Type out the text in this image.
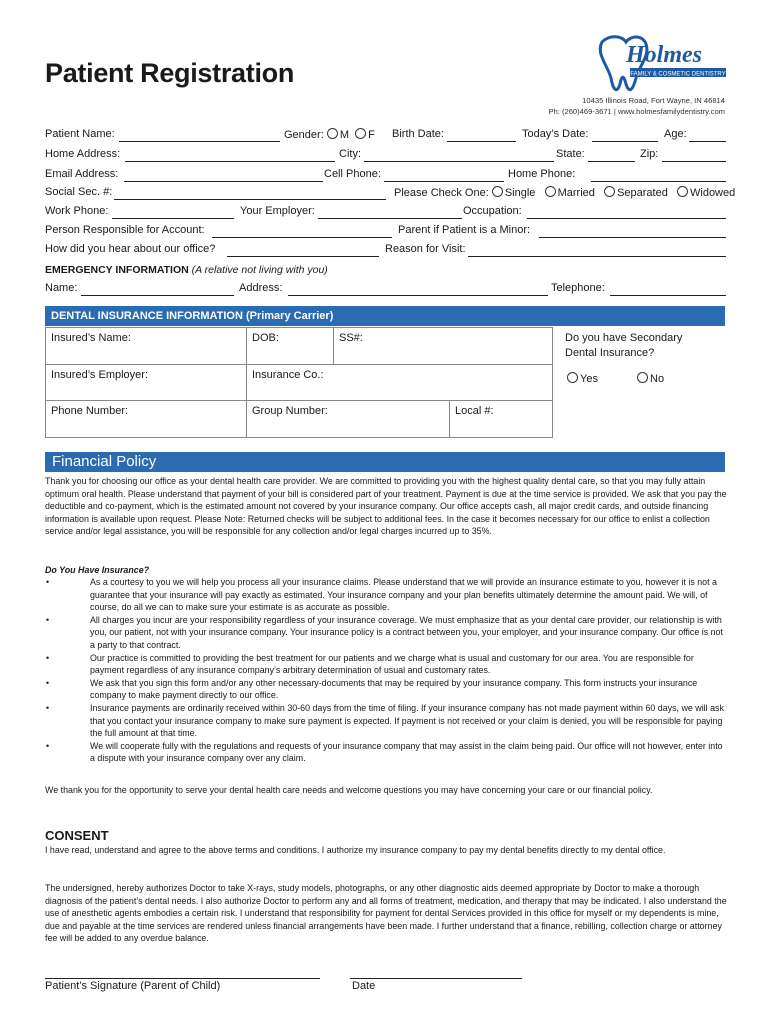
Patient Registration
Holmes
FAMILY & COSMETIC DENTISTRY
10435 Illinois Road, Fort Wayne, IN 46814
Ph: (260)469-3671 | www.holmesfamilydentistry.com
Patient Name:	Gender: M F Birth Date:	Today’s Date:	Age:
Home Address:	City:	State:	Zip:
Email Address:	Cell Phone:	Home Phone:
Social Sec. #:	Please Check One: Single Married Separated Widowed
Work Phone:	Your Employer:	Occupation:
Person Responsible for Account:	Parent if Patient is a Minor:
How did you hear about our office?	Reason for Visit:
EMERGENCY INFORMATION (A relative not living with you)
Name:	Address:	Telephone:
DENTAL INSURANCE INFORMATION (Primary Carrier)
Insured’s Name:	DOB:	SS#:	
Insured’s Employer:	Insurance Co.:		
Phone Number:	Group Number:		Local #:
Do you have Secondary
Dental Insurance?
Yes	No
Financial Policy
Thank you for choosing our office as your dental health care provider. We are committed to providing you with the highest quality dental care, so that you may fully attain optimum oral health. Please understand that payment of your bill is considered part of your treatment. Payment is due at the time service is provided. We ask that you pay the deductible and co-payment, which is the estimated amount not covered by your insurance company. Our office accepts cash, all major credit cards, and outside financing information is available upon request. Please Note: Returned checks will be subject to additional fees. In the case it becomes necessary for our office to enlist a collection service and/or legal assistance, you will be responsible for any collection and/or legal charges incurred up to 35%.
Do You Have Insurance?

•	As a courtesy to you we will help you process all your insurance claims. Please understand that we will provide an insurance estimate to you, however it is not a guarantee that your insurance will pay exactly as estimated. Your insurance company and your plan benefits ultimately determine the amount paid. We will, of course, do all we can to make sure your estimate is as accurate as possible.

•	All charges you incur are your responsibility regardless of your insurance coverage. We must emphasize that as your dental care provider, our relationship is with you, our patient, not with your insurance company. Your insurance policy is a contract between you, your employer, and your insurance company. Our office is not a party to that contract.

•	Our practice is committed to providing the best treatment for our patients and we charge what is usual and customary for our area. You are responsible for payment regardless of any insurance company’s arbitrary determination of usual and customary rates.

•	We ask that you sign this form and/or any other necessary-documents that may be required by your insurance company. This form instructs your insurance company to make payment directly to our office.

•	Insurance payments are ordinarily received within 30-60 days from the time of filing. If your insurance company has not made payment within 60 days, we will ask that you contact your insurance company to make sure payment is expected. If payment is not received or your claim is denied, you will be responsible for paying the full amount at that time.

•	We will cooperate fully with the regulations and requests of your insurance company that may assist in the claim being paid. Our office will not however, enter into a dispute with your insurance company over any claim.

We thank you for the opportunity to serve your dental health care needs and welcome questions you may have concerning your care or our financial policy.
CONSENT
I have read, understand and agree to the above terms and conditions. I authorize my insurance company to pay my dental benefits directly to my dental office.
The undersigned, hereby authorizes Doctor to take X-rays, study models, photographs, or any other diagnostic aids deemed appropriate by Doctor to make a thorough diagnosis of the patient’s dental needs. I also authorize Doctor to perform any and all forms of treatment, medication, and therapy that may be indicated. I also understand the use of anesthetic agents embodies a certain risk. I understand that responsibility for payment for dental Services provided in this office for myself or my dependents is mine, due and payable at the time services are rendered unless financial arrangements have been made. I further understand that a finance, rebilling, collection charge or attorney fee will be added to any overdue balance.
Patient’s Signature (Parent of Child)	Date
